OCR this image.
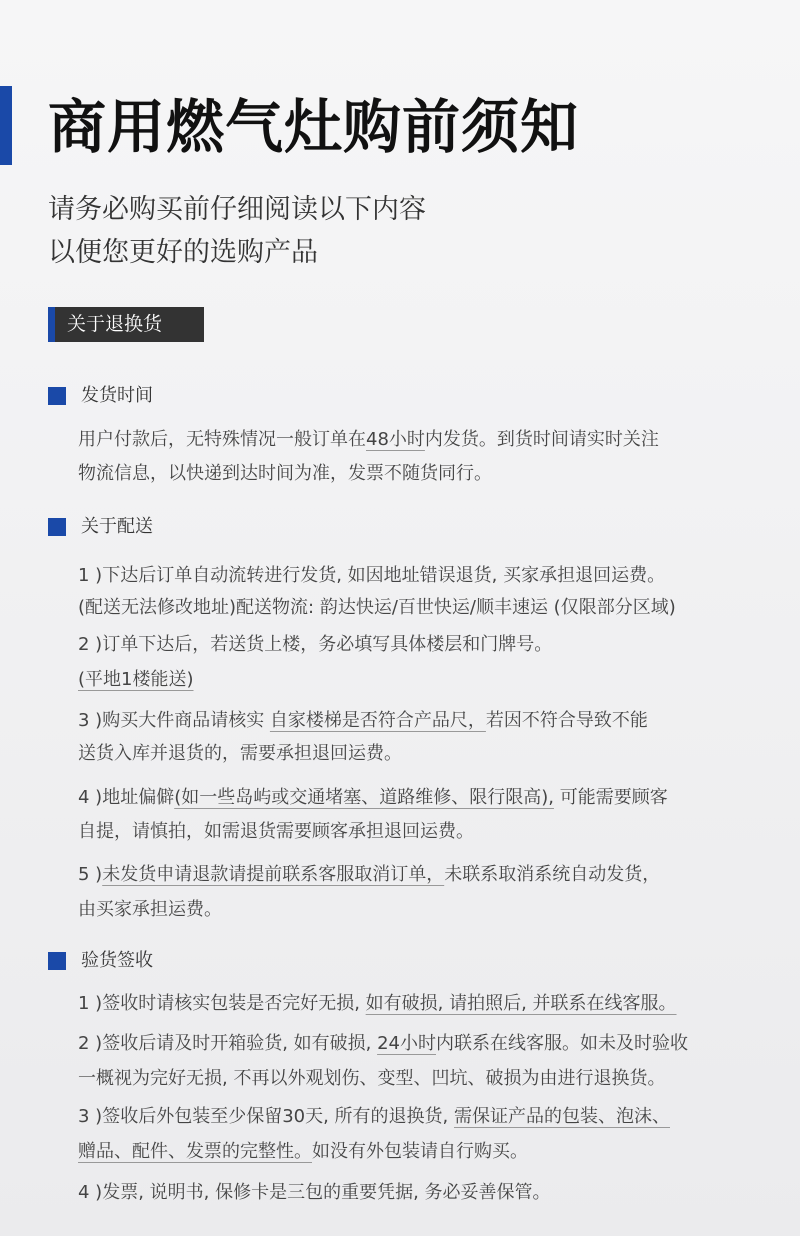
商用燃气灶购前须知
请务必购买前仔细阅读以下内容
以便您更好的选购产品
关于退换货
发货时间
用户付款后，无特殊情况一般订单在48小时内发货。到货时间请实时关注
物流信息，以快递到达时间为准，发票不随货同行。
关于配送
1 )下达后订单自动流转进行发货, 如因地址错误退货, 买家承担退回运费。
(配送无法修改地址)配送物流: 韵达快运/百世快运/顺丰速运 (仅限部分区域)
2 )订单下达后，若送货上楼，务必填写具体楼层和门牌号。
(平地1楼能送)
3 )购买大件商品请核实 自家楼梯是否符合产品尺，若因不符合导致不能
送货入库并退货的，需要承担退回运费。
4 )地址偏僻(如一些岛屿或交通堵塞、道路维修、限行限高), 可能需要顾客
自提，请慎拍，如需退货需要顾客承担退回运费。
5 )未发货申请退款请提前联系客服取消订单，未联系取消系统自动发货，
由买家承担运费。
验货签收
1 )签收时请核实包装是否完好无损, 如有破损, 请拍照后, 并联系在线客服。
2 )签收后请及时开箱验货, 如有破损, 24小时内联系在线客服。如未及时验收
一概视为完好无损, 不再以外观划伤、变型、凹坑、破损为由进行退换货。
3 )签收后外包装至少保留30天, 所有的退换货, 需保证产品的包装、泡沫、
赠品、配件、发票的完整性。如没有外包装请自行购买。
4 )发票, 说明书, 保修卡是三包的重要凭据, 务必妥善保管。
